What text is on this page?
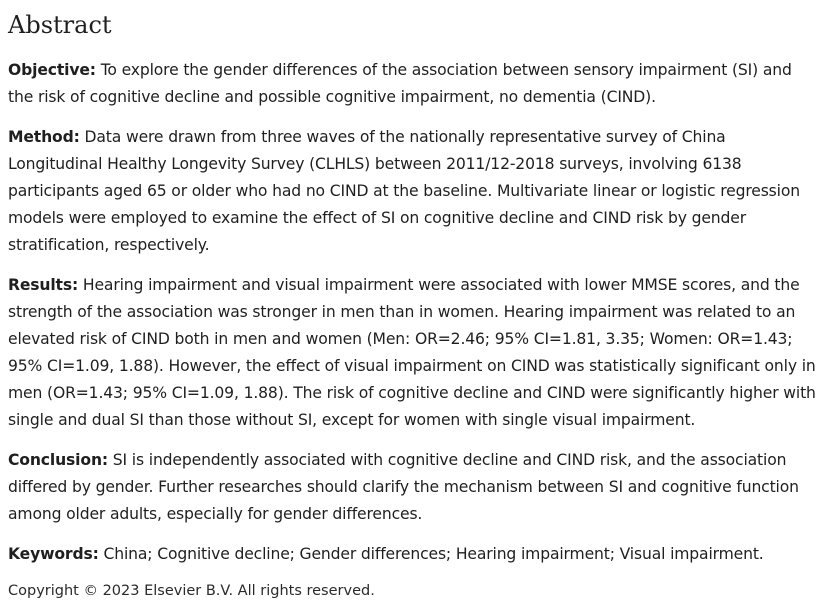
Abstract

Objective: To explore the gender differences of the association between sensory impairment (SI) and the risk of cognitive decline and possible cognitive impairment, no dementia (CIND).

Method: Data were drawn from three waves of the nationally representative survey of China Longitudinal Healthy Longevity Survey (CLHLS) between 2011/12-2018 surveys, involving 6138 participants aged 65 or older who had no CIND at the baseline. Multivariate linear or logistic regression models were employed to examine the effect of SI on cognitive decline and CIND risk by gender stratification, respectively.

Results: Hearing impairment and visual impairment were associated with lower MMSE scores, and the strength of the association was stronger in men than in women. Hearing impairment was related to an elevated risk of CIND both in men and women (Men: OR=2.46; 95% CI=1.81, 3.35; Women: OR=1.43; 95% CI=1.09, 1.88). However, the effect of visual impairment on CIND was statistically significant only in men (OR=1.43; 95% CI=1.09, 1.88). The risk of cognitive decline and CIND were significantly higher with single and dual SI than those without SI, except for women with single visual impairment.

Conclusion: SI is independently associated with cognitive decline and CIND risk, and the association differed by gender. Further researches should clarify the mechanism between SI and cognitive function among older adults, especially for gender differences.

Keywords: China; Cognitive decline; Gender differences; Hearing impairment; Visual impairment.

Copyright © 2023 Elsevier B.V. All rights reserved.
